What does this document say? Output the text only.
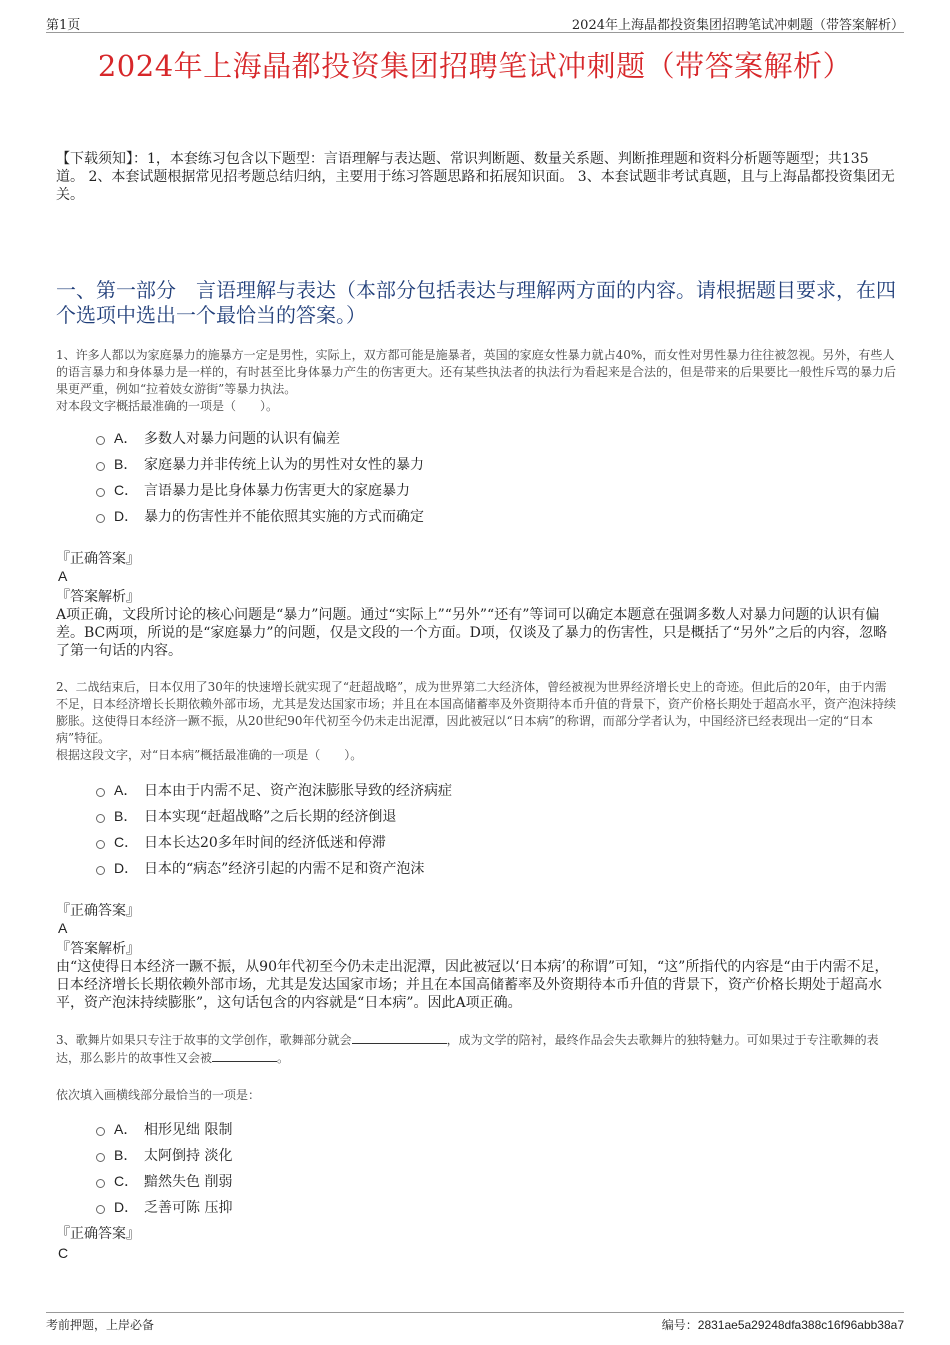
第1页	2024年上海晶都投资集团招聘笔试冲刺题（带答案解析）
2024年上海晶都投资集团招聘笔试冲刺题（带答案解析）
【下载须知】：1，本套练习包含以下题型：言语理解与表达题、常识判断题、数量关系题、判断推理题和资料分析题等题型；共135道。 2、本套试题根据常见招考题总结归纳，主要用于练习答题思路和拓展知识面。 3、本套试题非考试真题，且与上海晶都投资集团无关。
一、第一部分　言语理解与表达（本部分包括表达与理解两方面的内容。请根据题目要求，在四个选项中选出一个最恰当的答案。）
1、许多人都以为家庭暴力的施暴方一定是男性，实际上，双方都可能是施暴者，英国的家庭女性暴力就占40%，而女性对男性暴力往往被忽视。另外，有些人的语言暴力和身体暴力是一样的，有时甚至比身体暴力产生的伤害更大。还有某些执法者的执法行为看起来是合法的，但是带来的后果要比一般性斥骂的暴力后果更严重，例如“拉着妓女游街”等暴力执法。
对本段文字概括最准确的一项是（　　）。
A． 多数人对暴力问题的认识有偏差
B． 家庭暴力并非传统上认为的男性对女性的暴力
C． 言语暴力是比身体暴力伤害更大的家庭暴力
D． 暴力的伤害性并不能依照其实施的方式而确定
『正确答案』
A
『答案解析』
A项正确，文段所讨论的核心问题是“暴力”问题。通过“实际上”“另外”“还有”等词可以确定本题意在强调多数人对暴力问题的认识有偏差。BC两项，所说的是“家庭暴力”的问题，仅是文段的一个方面。D项，仅谈及了暴力的伤害性，只是概括了“另外”之后的内容，忽略了第一句话的内容。
2、二战结束后，日本仅用了30年的快速增长就实现了“赶超战略”，成为世界第二大经济体，曾经被视为世界经济增长史上的奇迹。但此后的20年，由于内需不足，日本经济增长长期依赖外部市场，尤其是发达国家市场；并且在本国高储蓄率及外资期待本币升值的背景下，资产价格长期处于超高水平，资产泡沫持续膨胀。这使得日本经济一蹶不振，从20世纪90年代初至今仍未走出泥潭，因此被冠以“日本病”的称谓，而部分学者认为，中国经济已经表现出一定的“日本病”特征。
根据这段文字，对“日本病”概括最准确的一项是（　　）。
A． 日本由于内需不足、资产泡沫膨胀导致的经济病症
B． 日本实现“赶超战略”之后长期的经济倒退
C． 日本长达20多年时间的经济低迷和停滞
D． 日本的“病态”经济引起的内需不足和资产泡沫
『正确答案』
A
『答案解析』
由“这使得日本经济一蹶不振，从90年代初至今仍未走出泥潭，因此被冠以‘日本病’的称谓”可知，“这”所指代的内容是“由于内需不足，日本经济增长长期依赖外部市场，尤其是发达国家市场；并且在本国高储蓄率及外资期待本币升值的背景下，资产价格长期处于超高水平，资产泡沫持续膨胀”，这句话包含的内容就是“日本病”。因此A项正确。
3、歌舞片如果只专注于故事的文学创作，歌舞部分就会	，成为文学的陪衬，最终作品会失去歌舞片的独特魅力。可如果过于专注歌舞的表达，那么影片的故事性又会被	。
依次填入画横线部分最恰当的一项是：
A． 相形见绌 限制
B． 太阿倒持 淡化
C． 黯然失色 削弱
D． 乏善可陈 压抑
『正确答案』
C
考前押题，上岸必备	编号：2831ae5a29248dfa388c16f96abb38a7
